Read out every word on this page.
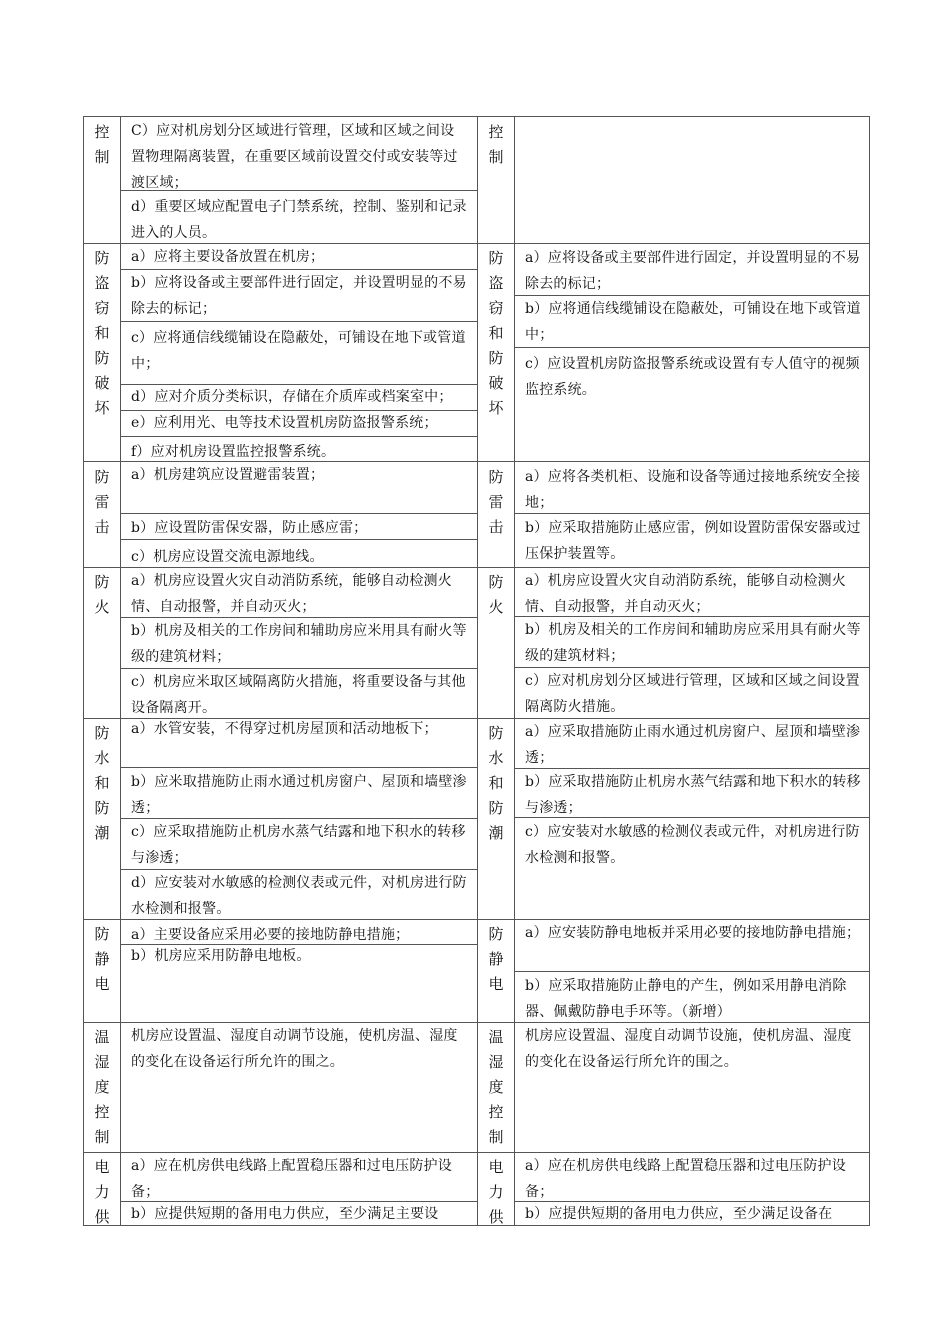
控
制
C）应对机房划分区域进行管理，区域和区域之间设置物理隔离装置，在重要区域前设置交付或安装等过渡区域；
d）重要区域应配置电子门禁系统，控制、鉴别和记录进入的人员。
控
制
防
盗
窃
和
防
破
坏
a）应将主要设备放置在机房；
b）应将设备或主要部件进行固定，并设置明显的不易除去的标记；
c）应将通信线缆铺设在隐蔽处，可铺设在地下或管道中；
d）应对介质分类标识，存储在介质库或档案室中；
e）应利用光、电等技术设置机房防盗报警系统；
f）应对机房设置监控报警系统。
防
盗
窃
和
防
破
坏
a）应将设备或主要部件进行固定，并设置明显的不易除去的标记；
b）应将通信线缆铺设在隐蔽处，可铺设在地下或管道中；
c）应设置机房防盗报警系统或设置有专人值守的视频监控系统。
防
雷
击
a）机房建筑应设置避雷装置；
b）应设置防雷保安器，防止感应雷；
c）机房应设置交流电源地线。
防
雷
击
a）应将各类机柜、设施和设备等通过接地系统安全接地；
b）应采取措施防止感应雷，例如设置防雷保安器或过压保护装置等。
防
火
a）机房应设置火灾自动消防系统，能够自动检测火情、自动报警，并自动灭火；
b）机房及相关的工作房间和辅助房应米用具有耐火等级的建筑材料；
c）机房应米取区域隔离防火措施，将重要设备与其他设备隔离开。
防
火
a）机房应设置火灾自动消防系统，能够自动检测火情、自动报警，并自动灭火；
b）机房及相关的工作房间和辅助房应采用具有耐火等级的建筑材料；
c）应对机房划分区域进行管理，区域和区域之间设置隔离防火措施。
防
水
和
防
潮
a）水管安装，不得穿过机房屋顶和活动地板下；
b）应米取措施防止雨水通过机房窗户、屋顶和墙壁渗透；
c）应采取措施防止机房水蒸气结露和地下积水的转移与渗透；
d）应安装对水敏感的检测仪表或元件，对机房进行防水检测和报警。
防
水
和
防
潮
a）应采取措施防止雨水通过机房窗户、屋顶和墙壁渗透；
b）应采取措施防止机房水蒸气结露和地下积水的转移与渗透；
c）应安装对水敏感的检测仪表或元件，对机房进行防水检测和报警。
防
静
电
a）主要设备应采用必要的接地防静电措施；
b）机房应采用防静电地板。
防
静
电
a）应安装防静电地板并采用必要的接地防静电措施；
b）应采取措施防止静电的产生，例如采用静电消除器、佩戴防静电手环等。（新增）
温
湿
度
控
制
机房应设置温、湿度自动调节设施，使机房温、湿度的变化在设备运行所允许的围之。
温
湿
度
控
制
机房应设置温、湿度自动调节设施，使机房温、湿度的变化在设备运行所允许的围之。
电
力
供
a）应在机房供电线路上配置稳压器和过电压防护设备；
b）应提供短期的备用电力供应，至少满足主要设
电
力
供
a）应在机房供电线路上配置稳压器和过电压防护设备；
b）应提供短期的备用电力供应，至少满足设备在
